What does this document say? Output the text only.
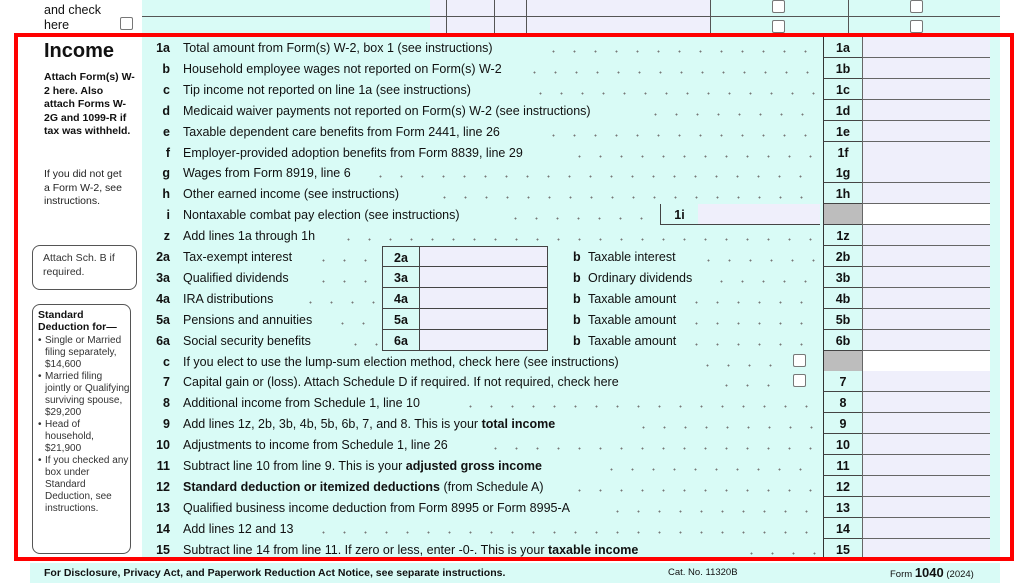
and check
here
1a Total amount from Form(s) W-2, box 1 (see instructions)	1a
b Household employee wages not reported on Form(s) W-2	1b
c Tip income not reported on line 1a (see instructions)	1c
d Medicaid waiver payments not reported on Form(s) W-2 (see instructions)	1d
e Taxable dependent care benefits from Form 2441, line 26	1e
f Employer-provided adoption benefits from Form 8839, line 29	1f
g Wages from Form 8919, line 6	1g
h Other earned income (see instructions)	1h
i Nontaxable combat pay election (see instructions)	1i
z Add lines 1a through 1h	1z
2a Tax-exempt interest	2a	b Taxable interest	2b
3a Qualified dividends	3a	b Ordinary dividends	3b
4a IRA distributions	4a	b Taxable amount	4b
5a Pensions and annuities	5a	b Taxable amount	5b
6a Social security benefits	6a	b Taxable amount	6b
c If you elect to use the lump-sum election method, check here (see instructions)
7 Capital gain or (loss). Attach Schedule D if required. If not required, check here	7
8 Additional income from Schedule 1, line 10	8
9 Add lines 1z, 2b, 3b, 4b, 5b, 6b, 7, and 8. This is your total income	9
10 Adjustments to income from Schedule 1, line 26	10
11 Subtract line 10 from line 9. This is your adjusted gross income	11
12 Standard deduction or itemized deductions (from Schedule A)	12
13 Qualified business income deduction from Form 8995 or Form 8995-A	13
14 Add lines 12 and 13	14
15 Subtract line 14 from line 11. If zero or less, enter -0-. This is your taxable income	15
Income
Attach Form(s) W-2 here. Also attach Forms W-2G and 1099-R if tax was withheld.
If you did not get a Form W-2, see instructions.
Attach Sch. B if required.
Standard Deduction for—
• Single or Married filing separately, $14,600
• Married filing jointly or Qualifying surviving spouse, $29,200
• Head of household, $21,900
• If you checked any box under Standard Deduction, see instructions.
For Disclosure, Privacy Act, and Paperwork Reduction Act Notice, see separate instructions.	Cat. No. 11320B	Form 1040 (2024)
